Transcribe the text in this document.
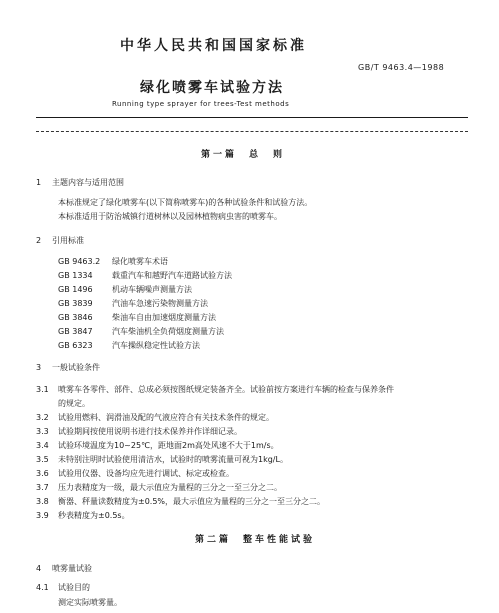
中华人民共和国国家标准
GB/T 9463.4—1988
绿化喷雾车试验方法
Running type sprayer for trees-Test methods
第一篇　总　则
1 主题内容与适用范围
本标准规定了绿化喷雾车(以下简称喷雾车)的各种试验条件和试验方法。
本标准适用于防治城镇行道树林以及园林植物病虫害的喷雾车。
2 引用标准
GB 9463.2 绿化喷雾车术语
GB 1334 载重汽车和越野汽车道路试验方法
GB 1496 机动车辆噪声测量方法
GB 3839 汽油车急速污染物测量方法
GB 3846 柴油车自由加速烟度测量方法
GB 3847 汽车柴油机全负荷烟度测量方法
GB 6323 汽车操纵稳定性试验方法
3 一般试验条件
3.1 喷雾车各零件、部件、总成必须按图纸规定装备齐全。试验前按方案进行车辆的检查与保养条件
的规定。
3.2 试验用燃料、润滑油及配的气液应符合有关技术条件的规定。
3.3 试验期间按使用说明书进行技术保养并作详细记录。
3.4 试验环境温度为10~25℃，距地面2m高处风速不大于1m/s。
3.5 未特别注明时试验使用清洁水，试验时的喷雾流量可视为1kg/L。
3.6 试验用仪器、设备均应先进行调试、标定或检查。
3.7 压力表精度为一级，最大示值应为量程的三分之一至三分之二。
3.8 衡器、秤量读数精度为±0.5%，最大示值应为量程的三分之一至三分之二。
3.9 秒表精度为±0.5s。
第二篇　整车性能试验
4 喷雾量试验
4.1 试验目的
测定实际喷雾量。
